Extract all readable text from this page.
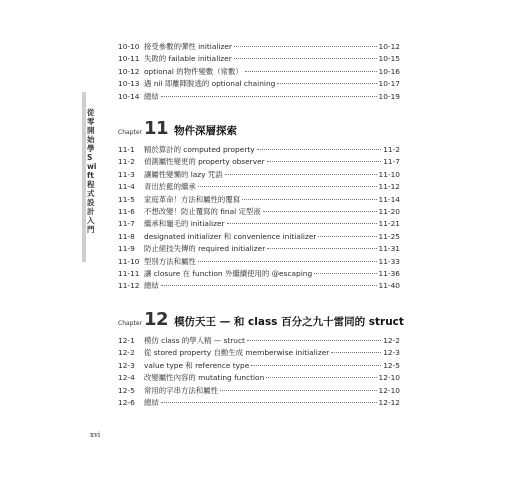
從零開始學 Swift 程式設計入門
10-10 接受參數的彈性 initializer	10-12
10-11 失敗的 failable initializer	10-15
10-12 optional 的物件變數（常數）	10-16
10-13 遇 nil 即離陣脫逃的 optional chaining	10-17
10-14 總結	10-19
Chapter 11 物件深層探索
11-1	精於算計的 computed property	11-2
11-2	偵測屬性變更的 property observer	11-7
11-3	讓屬性變懶的 lazy 咒語	11-10
11-4	青出於藍的繼承	11-12
11-5	家庭革命！方法和屬性的覆寫	11-14
11-6	不想改變！防止覆寫的 final 定型液	11-20
11-7	繼承和龜毛的 initializer	11-21
11-8	designated initializer 和 convenience initializer	11-25
11-9	防止絕技失傳的 required initializer	11-31
11-10 型別方法和屬性	11-33
11-11 讓 closure 在 function 外繼續使用的 @escaping	11-36
11-12 總結	11-40
Chapter 12 模仿天王 — 和 class 百分之九十雷同的 struct
12-1	模仿 class 的學人精 — struct	12-2
12-2	從 stored property 自動生成 memberwise initializer	12-3
12-3	value type 和 reference type	12-5
12-4	改變屬性內容的 mutating function	12-10
12-5	常用的字串方法和屬性	12-10
12-6	總結	12-12
xvi
